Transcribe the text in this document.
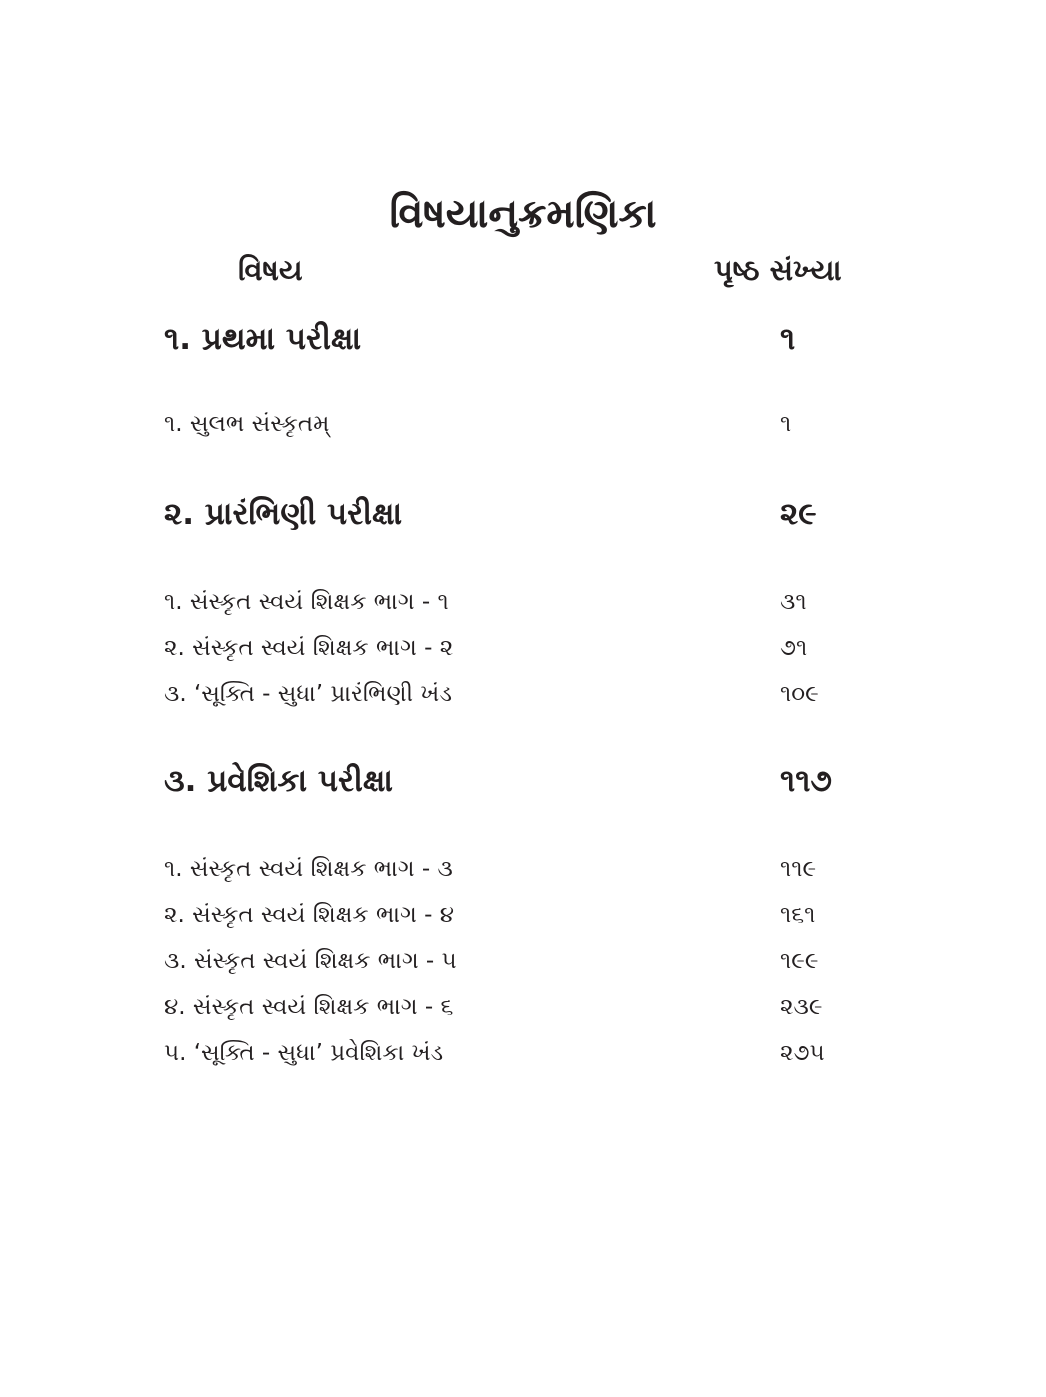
વિષયાનુક્રમણિકા
વિષય	પૃષ્ઠ સંખ્યા
૧. પ્રથમા પરીક્ષા	૧
૧. સુલભ સંસ્કૃતમ્	૧
૨. પ્રારંભિણી પરીક્ષા	૨૯
૧. સંસ્કૃત સ્વયં શિક્ષક ભાગ - ૧	૩૧
૨. સંસ્કૃત સ્વયં શિક્ષક ભાગ - ૨	૭૧
૩. ‘સૂક્તિ - સુધા’ પ્રારંભિણી ખંડ	૧૦૯
૩. પ્રવેશિકા પરીક્ષા	૧૧૭
૧. સંસ્કૃત સ્વયં શિક્ષક ભાગ - ૩	૧૧૯
૨. સંસ્કૃત સ્વયં શિક્ષક ભાગ - ૪	૧૬૧
૩. સંસ્કૃત સ્વયં શિક્ષક ભાગ - ૫	૧૯૯
૪. સંસ્કૃત સ્વયં શિક્ષક ભાગ - ૬	૨૩૯
૫. ‘સૂક્તિ - સુધા’ પ્રવેશિકા ખંડ	૨૭૫
